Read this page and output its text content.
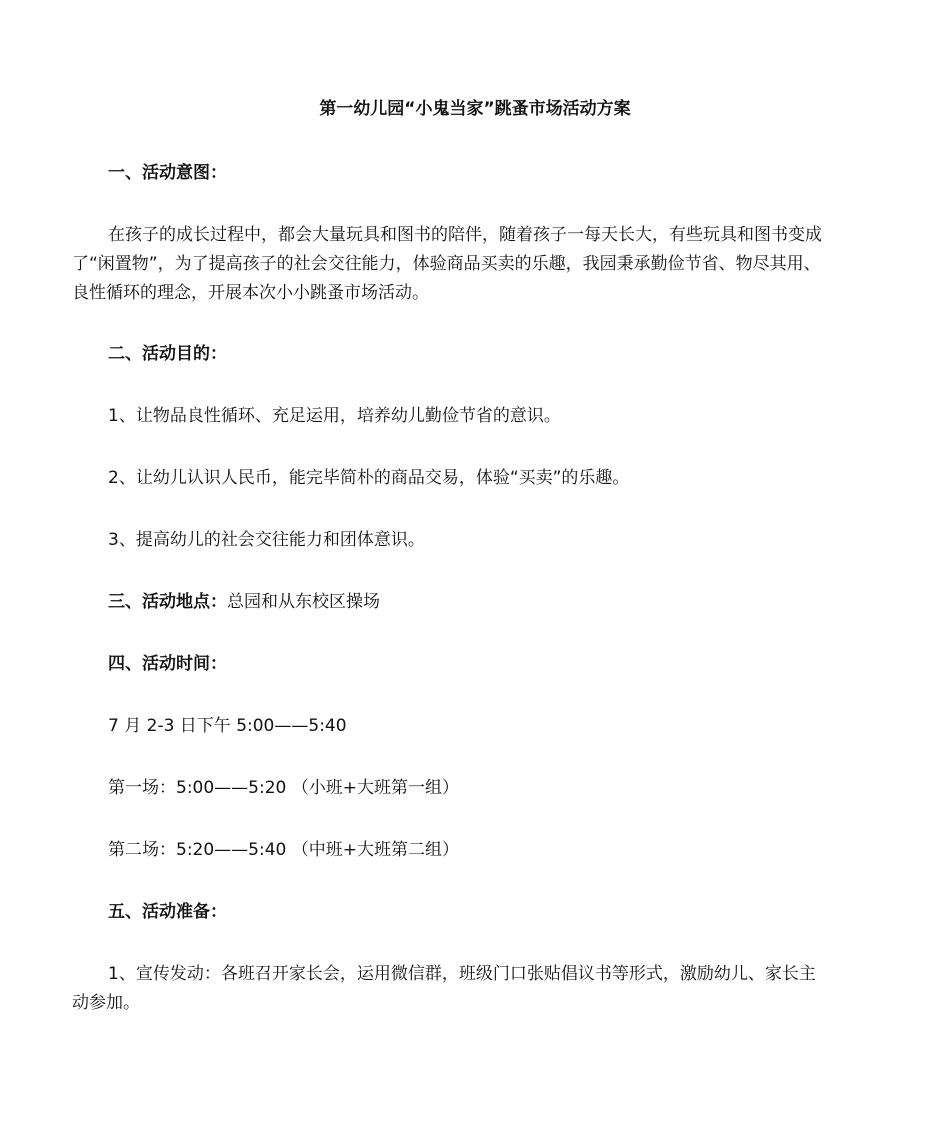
第一幼儿园“小鬼当家”跳蚤市场活动方案

一、活动意图：

在孩子的成长过程中，都会大量玩具和图书的陪伴，随着孩子一每天长大，有些玩具和图书变成
了“闲置物”，为了提高孩子的社会交往能力，体验商品买卖的乐趣，我园秉承勤俭节省、物尽其用、
良性循环的理念，开展本次小小跳蚤市场活动。

二、活动目的：

1、让物品良性循环、充足运用，培养幼儿勤俭节省的意识。

2、让幼儿认识人民币，能完毕简朴的商品交易，体验“买卖”的乐趣。

3、提高幼儿的社会交往能力和团体意识。

三、活动地点：总园和从东校区操场

四、活动时间：

7 月 2-3 日下午 5:00——5:40

第一场：5:00——5:20 （小班+大班第一组）

第二场：5:20——5:40 （中班+大班第二组）

五、活动准备：

1、宣传发动：各班召开家长会，运用微信群，班级门口张贴倡议书等形式，激励幼儿、家长主
动参加。
